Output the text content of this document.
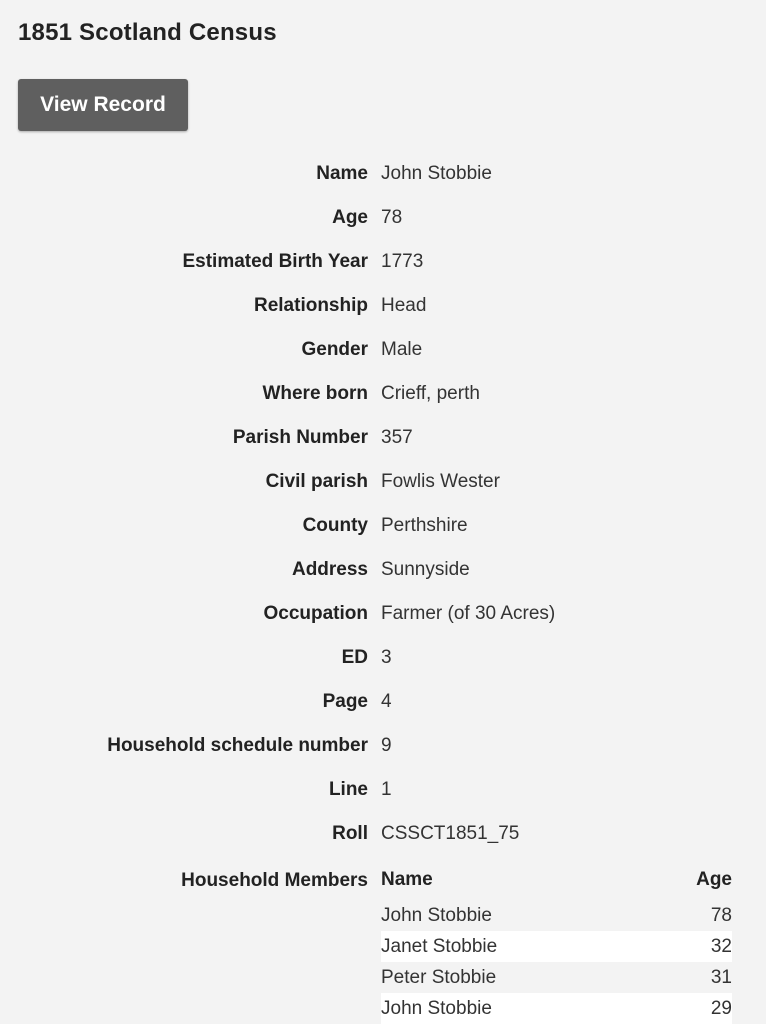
1851 Scotland Census
View Record
Name John Stobbie
Age 78
Estimated Birth Year 1773
Relationship Head
Gender Male
Where born Crieff, perth
Parish Number 357
Civil parish Fowlis Wester
County Perthshire
Address Sunnyside
Occupation Farmer (of 30 Acres)
ED 3
Page 4
Household schedule number 9
Line 1
Roll CSSCT1851_75
Household Members Name	Age
John Stobbie	78
Janet Stobbie	32
Peter Stobbie	31
John Stobbie	29
